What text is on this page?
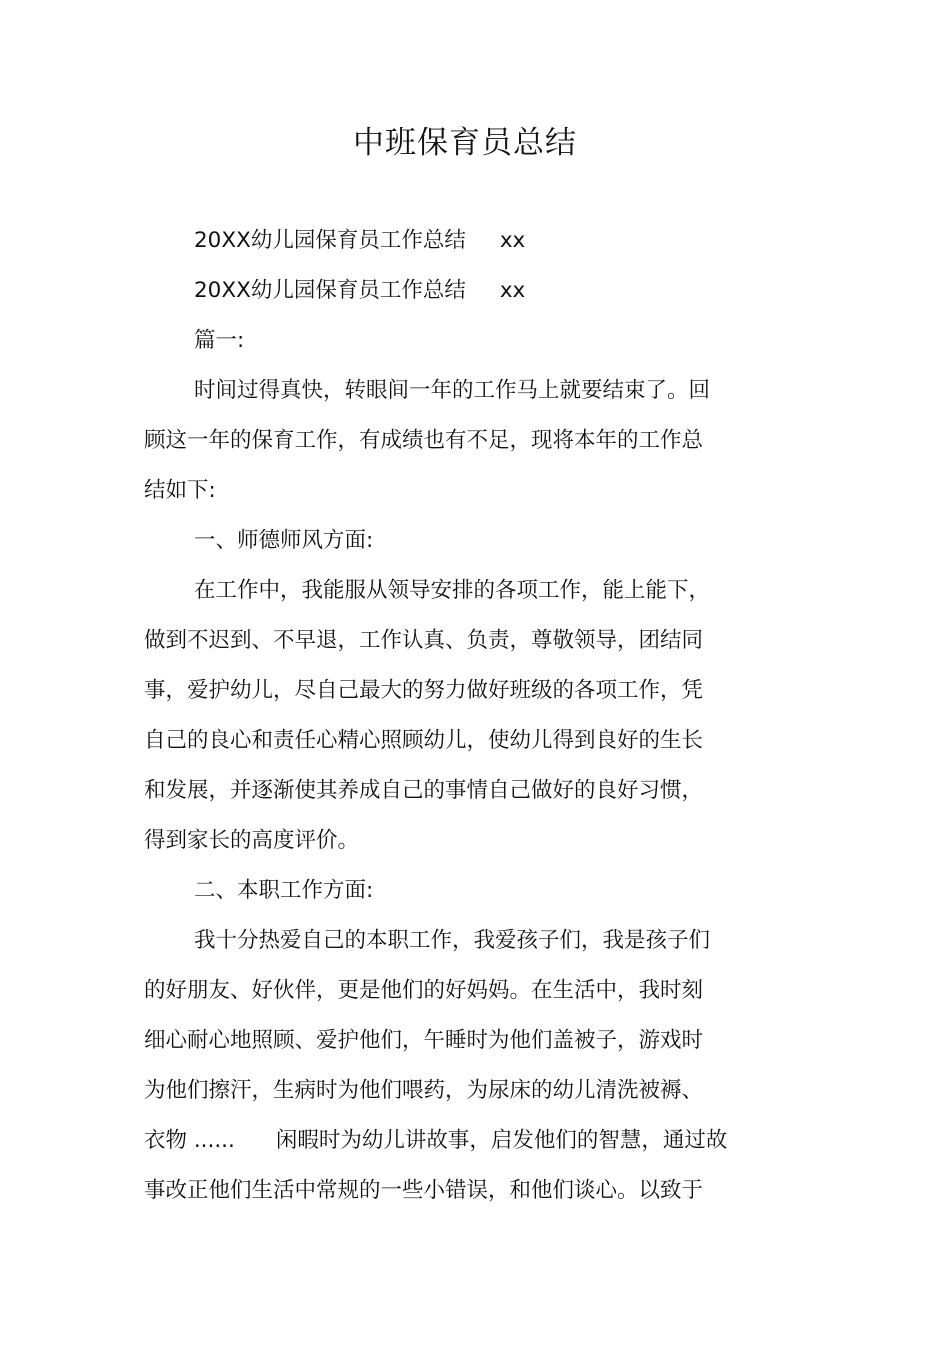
中班保育员总结
20XX幼儿园保育员工作总结 xx
20XX幼儿园保育员工作总结 xx
篇一:
时间过得真快，转眼间一年的工作马上就要结束了。回
顾这一年的保育工作，有成绩也有不足，现将本年的工作总
结如下:
一、师德师风方面:
在工作中，我能服从领导安排的各项工作，能上能下，
做到不迟到、不早退，工作认真、负责，尊敬领导，团结同
事，爱护幼儿，尽自己最大的努力做好班级的各项工作，凭
自己的良心和责任心精心照顾幼儿，使幼儿得到良好的生长
和发展，并逐渐使其养成自己的事情自己做好的良好习惯，
得到家长的高度评价。
二、本职工作方面:
我十分热爱自己的本职工作，我爱孩子们，我是孩子们
的好朋友、好伙伴，更是他们的好妈妈。在生活中，我时刻
细心耐心地照顾、爱护他们，午睡时为他们盖被子，游戏时
为他们擦汗，生病时为他们喂药，为尿床的幼儿清洗被褥、
衣物 ......      闲暇时为幼儿讲故事，启发他们的智慧，通过故
事改正他们生活中常规的一些小错误，和他们谈心。以致于
